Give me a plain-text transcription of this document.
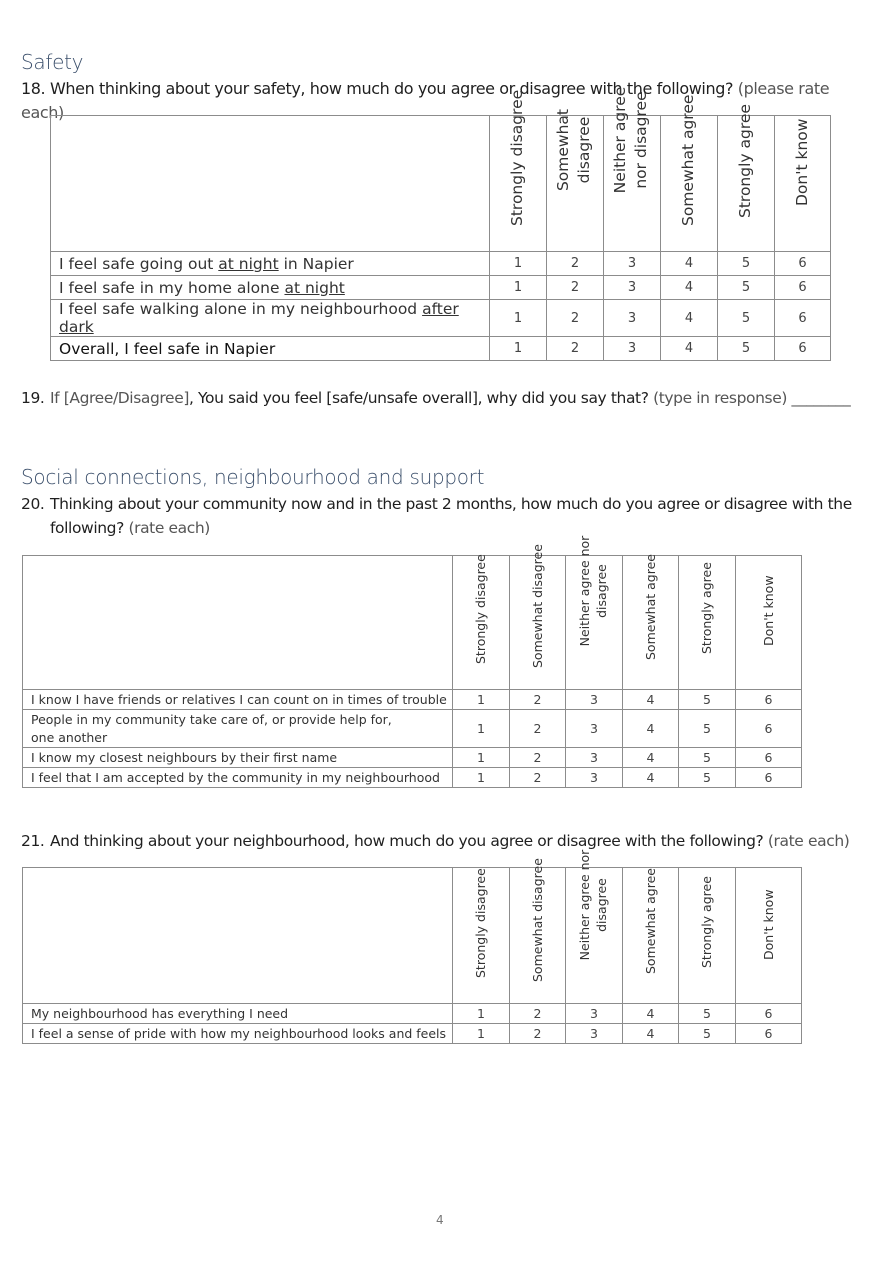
Safety
18. When thinking about your safety, how much do you agree or disagree with the following? (please rate each)

	Strongly disagree	Somewhat disagree	Neither agree nor disagree	Somewhat agree	Strongly agree	Don't know

I feel safe going out at night in Napier	1	2	3	4	5	6
I feel safe in my home alone at night	1	2	3	4	5	6
I feel safe walking alone in my neighbourhood after dark	1	2	3	4	5	6
Overall, I feel safe in Napier	1	2	3	4	5	6
19. If [Agree/Disagree], You said you feel [safe/unsafe overall], why did you say that? (type in response) ________
Social connections, neighbourhood and support
20. Thinking about your community now and in the past 2 months, how much do you agree or disagree with the
following? (rate each)

	Strongly disagree	Somewhat disagree	Neither agree nor disagree	Somewhat agree	Strongly agree	Don't know

I know I have friends or relatives I can count on in times of trouble	1	2	3	4	5	6
People in my community take care of, or provide help for, one another	1	2	3	4	5	6
I know my closest neighbours by their first name	1	2	3	4	5	6
I feel that I am accepted by the community in my neighbourhood	1	2	3	4	5	6
21. And thinking about your neighbourhood, how much do you agree or disagree with the following? (rate each)

	Strongly disagree	Somewhat disagree	Neither agree nor disagree	Somewhat agree	Strongly agree	Don't know

My neighbourhood has everything I need	1	2	3	4	5	6
I feel a sense of pride with how my neighbourhood looks and feels	1	2	3	4	5	6
4
